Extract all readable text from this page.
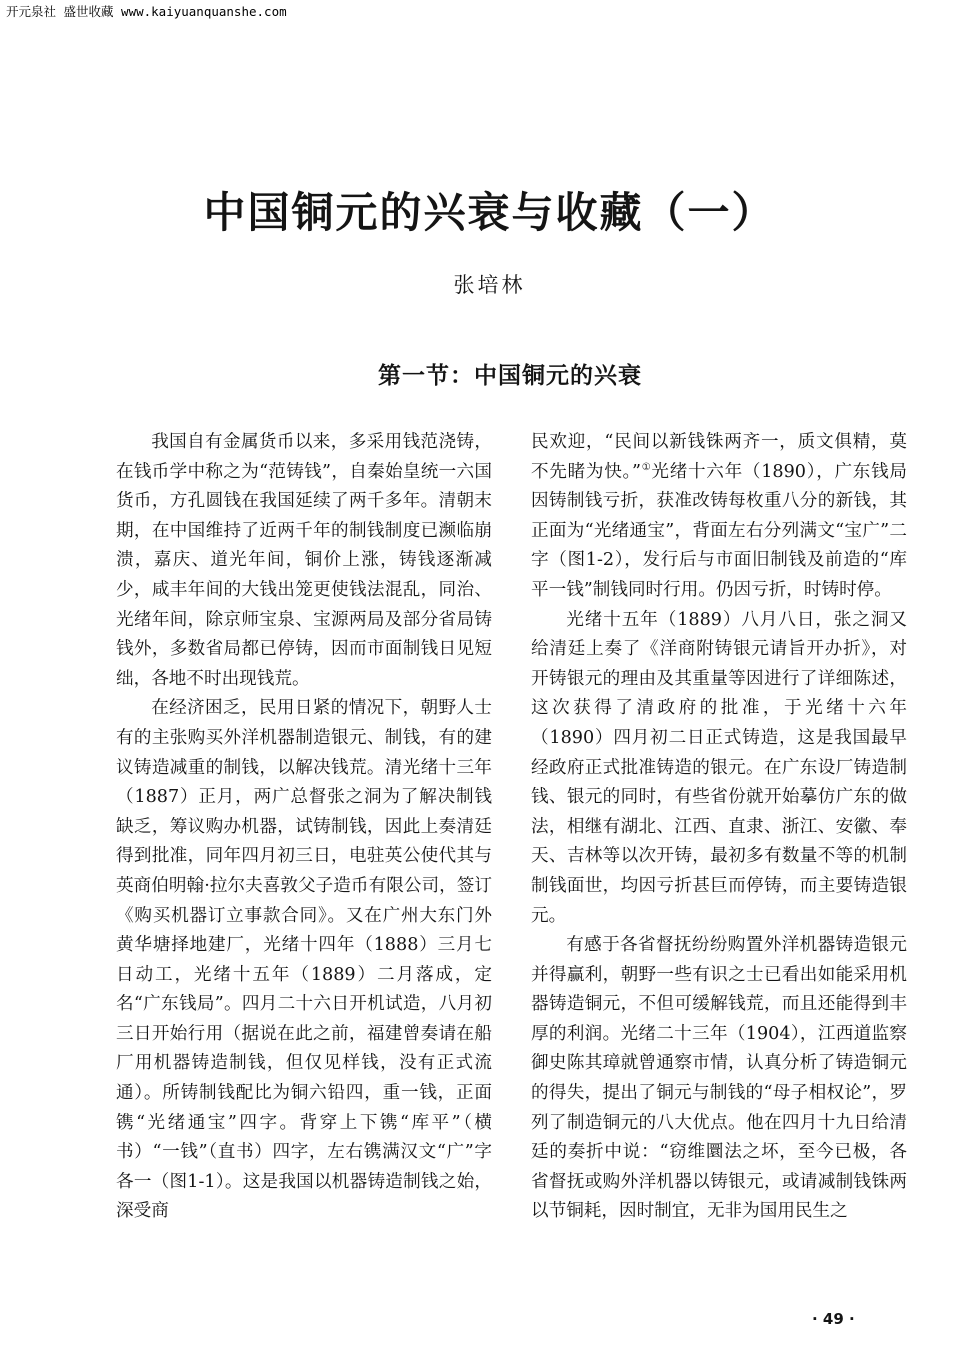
开元泉社 盛世收藏 www.kaiyuanquanshe.com
中国铜元的兴衰与收藏（一）
张培林
第一节：中国铜元的兴衰

我国自有金属货币以来，多采用钱范浇铸，在钱币学中称之为“范铸钱”，自秦始皇统一六国货币，方孔圆钱在我国延续了两千多年。清朝末期，在中国维持了近两千年的制钱制度已濒临崩溃，嘉庆、道光年间，铜价上涨，铸钱逐渐减少，咸丰年间的大钱出笼更使钱法混乱，同治、光绪年间，除京师宝泉、宝源两局及部分省局铸钱外，多数省局都已停铸，因而市面制钱日见短绌，各地不时出现钱荒。

在经济困乏，民用日紧的情况下，朝野人士有的主张购买外洋机器制造银元、制钱，有的建议铸造减重的制钱，以解决钱荒。清光绪十三年（1887）正月，两广总督张之洞为了解决制钱缺乏，筹议购办机器，试铸制钱，因此上奏清廷得到批准，同年四月初三日，电驻英公使代其与英商伯明翰·拉尔夫喜敦父子造币有限公司，签订《购买机器订立事款合同》。又在广州大东门外黄华塘择地建厂，光绪十四年（1888）三月七日动工，光绪十五年（1889）二月落成，定名“广东钱局”。四月二十六日开机试造，八月初三日开始行用（据说在此之前，福建曾奏请在船厂用机器铸造制钱，但仅见样钱，没有正式流通）。所铸制钱配比为铜六铅四，重一钱，正面镌“光绪通宝”四字。背穿上下镌“库平”（横书）“一钱”（直书）四字，左右镌满汉文“广”字各一（图1-1）。这是我国以机器铸造制钱之始，深受商

民欢迎，“民间以新钱铢两齐一，质文俱精，莫不先睹为快。”①光绪十六年（1890），广东钱局因铸制钱亏折，获准改铸每枚重八分的新钱，其正面为“光绪通宝”，背面左右分列满文“宝广”二字（图1-2），发行后与市面旧制钱及前造的“库平一钱”制钱同时行用。仍因亏折，时铸时停。

光绪十五年（1889）八月八日，张之洞又给清廷上奏了《洋商附铸银元请旨开办折》，对开铸银元的理由及其重量等因进行了详细陈述，这次获得了清政府的批准，于光绪十六年（1890）四月初二日正式铸造，这是我国最早经政府正式批准铸造的银元。在广东设厂铸造制钱、银元的同时，有些省份就开始摹仿广东的做法，相继有湖北、江西、直隶、浙江、安徽、奉天、吉林等以次开铸，最初多有数量不等的机制制钱面世，均因亏折甚巨而停铸，而主要铸造银元。

有感于各省督抚纷纷购置外洋机器铸造银元并得赢利，朝野一些有识之士已看出如能采用机器铸造铜元，不但可缓解钱荒，而且还能得到丰厚的利润。光绪二十三年（1904），江西道监察御史陈其璋就曾通察市情，认真分析了铸造铜元的得失，提出了铜元与制钱的“母子相权论”，罗列了制造铜元的八大优点。他在四月十九日给清廷的奏折中说：“窃维圜法之坏，至今已极，各省督抚或购外洋机器以铸银元，或请减制钱铢两以节铜耗，因时制宜，无非为国用民生之

· 49 ·
